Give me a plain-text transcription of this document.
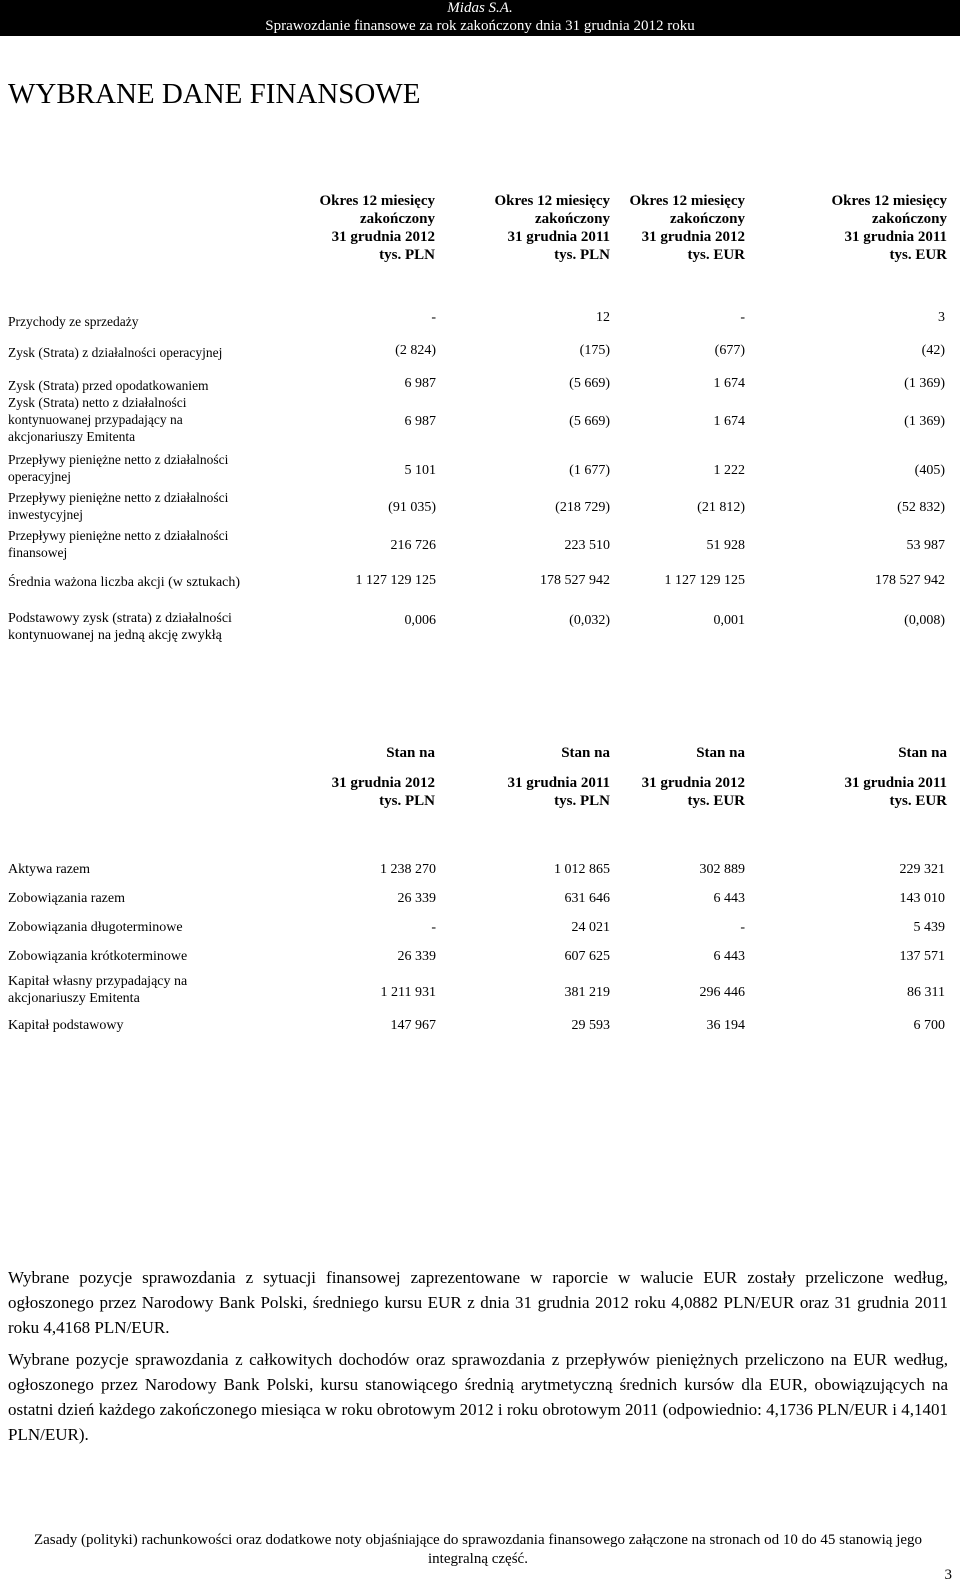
Midas S.A.
Sprawozdanie finansowe za rok zakończony dnia 31 grudnia 2012 roku
WYBRANE DANE FINANSOWE
Okres 12 miesięcy
zakończony
31 grudnia 2012
tys. PLN
Okres 12 miesięcy
zakończony
31 grudnia 2011
tys. PLN
Okres 12 miesięcy
zakończony
31 grudnia 2012
tys. EUR
Okres 12 miesięcy
zakończony
31 grudnia 2011
tys. EUR
Przychody ze sprzedaży	-	12	-	3
Zysk (Strata) z działalności operacyjnej	(2 824)	(175)	(677)	(42)
Zysk (Strata) przed opodatkowaniem	6 987	(5 669)	1 674	(1 369)
Zysk (Strata) netto z działalności kontynuowanej przypadający na akcjonariuszy Emitenta
6 987	(5 669)	1 674	(1 369)
Przepływy pieniężne netto z działalności operacyjnej	5 101	(1 677)	1 222	(405)
Przepływy pieniężne netto z działalności inwestycyjnej	(91 035)	(218 729)	(21 812)	(52 832)
Przepływy pieniężne netto z działalności finansowej	216 726	223 510	51 928	53 987
Średnia ważona liczba akcji (w sztukach)	1 127 129 125	178 527 942	1 127 129 125	178 527 942
Podstawowy zysk (strata) z działalności kontynuowanej na jedną akcję zwykłą
0,006	(0,032)	0,001	(0,008)
Stan na
31 grudnia 2012
tys. PLN
Stan na
31 grudnia 2011
tys. PLN
Stan na
31 grudnia 2012
tys. EUR
Stan na
31 grudnia 2011
tys. EUR
Aktywa razem	1 238 270	1 012 865	302 889	229 321
Zobowiązania razem	26 339	631 646	6 443	143 010
Zobowiązania długoterminowe	-	24 021	-	5 439
Zobowiązania krótkoterminowe	26 339	607 625	6 443	137 571
Kapitał własny przypadający na akcjonariuszy Emitenta	1 211 931	381 219	296 446	86 311
Kapitał podstawowy	147 967	29 593	36 194	6 700
Wybrane pozycje sprawozdania z sytuacji finansowej zaprezentowane w raporcie w walucie EUR zostały przeliczone według, ogłoszonego przez Narodowy Bank Polski, średniego kursu EUR z dnia 31 grudnia 2012 roku 4,0882 PLN/EUR oraz 31 grudnia 2011 roku 4,4168 PLN/EUR.
Wybrane pozycje sprawozdania z całkowitych dochodów oraz sprawozdania z przepływów pieniężnych przeliczono na EUR według, ogłoszonego przez Narodowy Bank Polski, kursu stanowiącego średnią arytmetyczną średnich kursów dla EUR, obowiązujących na ostatni dzień każdego zakończonego miesiąca w roku obrotowym 2012 i roku obrotowym 2011 (odpowiednio: 4,1736 PLN/EUR i 4,1401 PLN/EUR).
Zasady (polityki) rachunkowości oraz dodatkowe noty objaśniające do sprawozdania finansowego załączone na stronach od 10 do 45 stanowią jego integralną część.
3
